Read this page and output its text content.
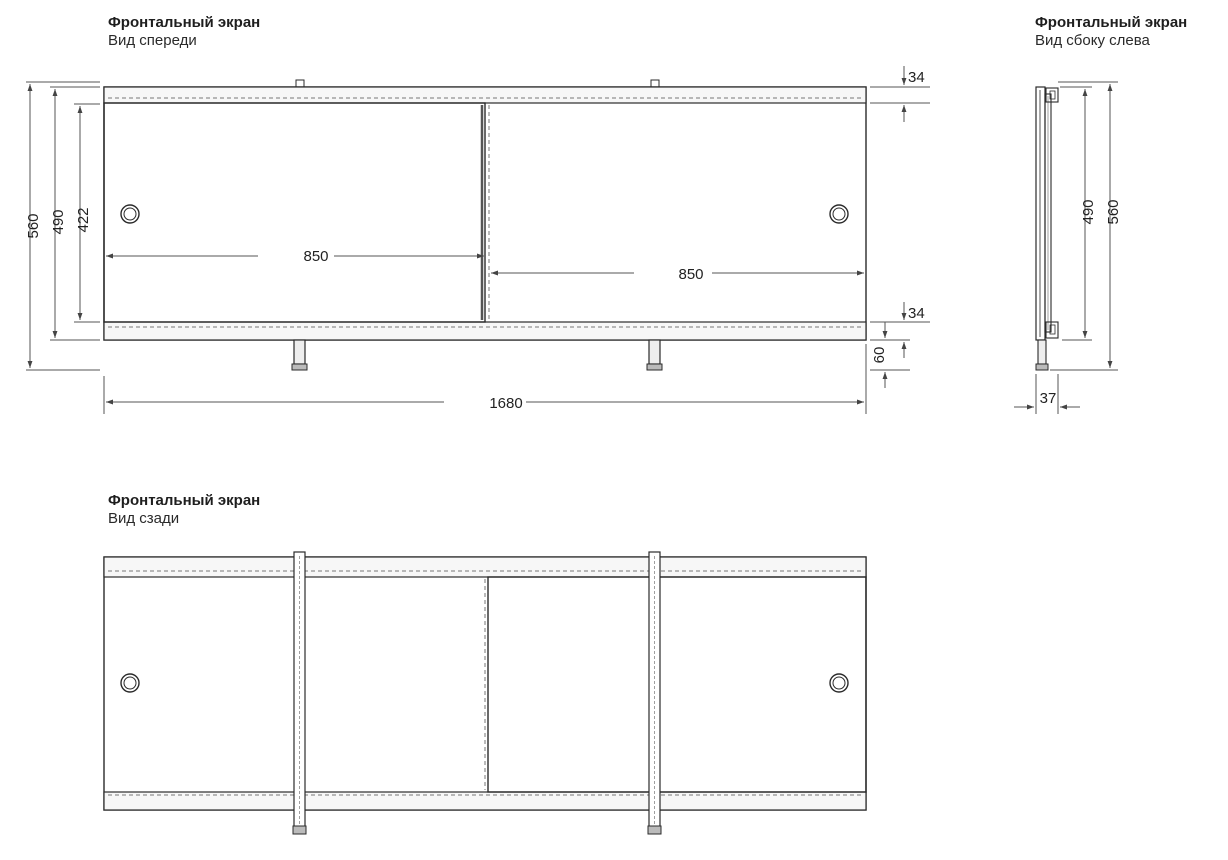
Фронтальный экран
Вид спереди
Фронтальный экран
Вид сбоку слева
Фронтальный экран
Вид сзади
560 490 422
850
850
1680
34
34
60
490 560
37
